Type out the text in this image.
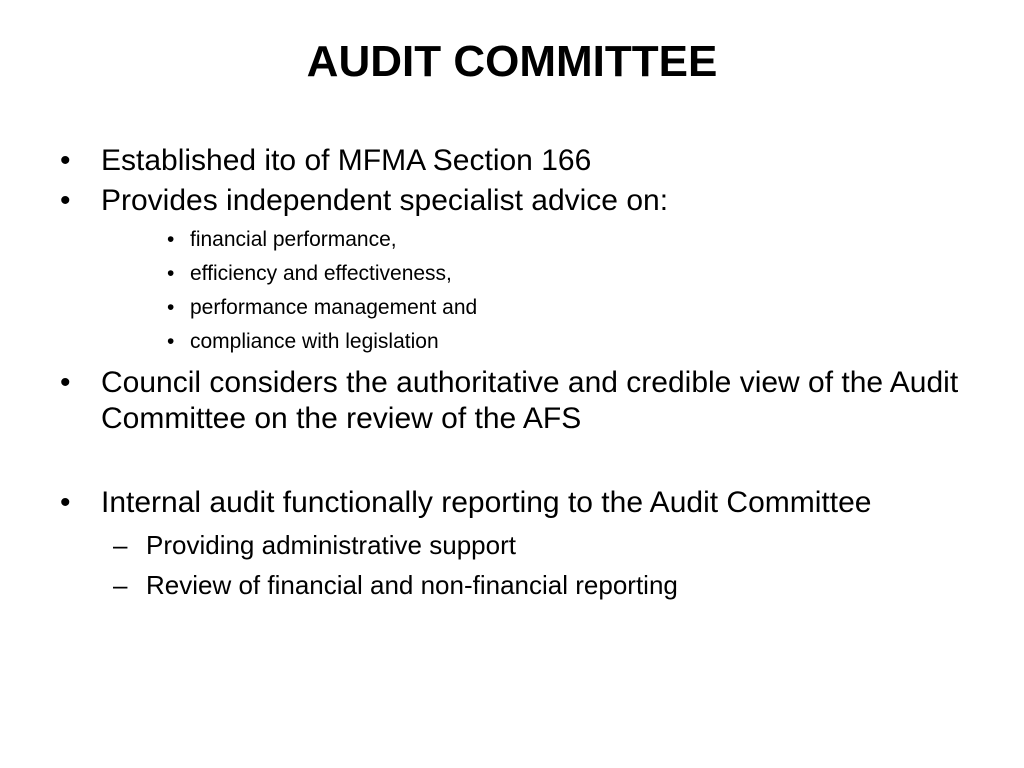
AUDIT COMMITTEE
• Established ito of MFMA Section 166
• Provides independent specialist advice on:
• financial performance,
• efficiency and effectiveness,
• performance management and
• compliance with legislation
• Council considers the authoritative and credible view of the Audit Committee on the review of the AFS
• Internal audit functionally reporting to the Audit Committee
– Providing administrative support
– Review of financial and non-financial reporting
